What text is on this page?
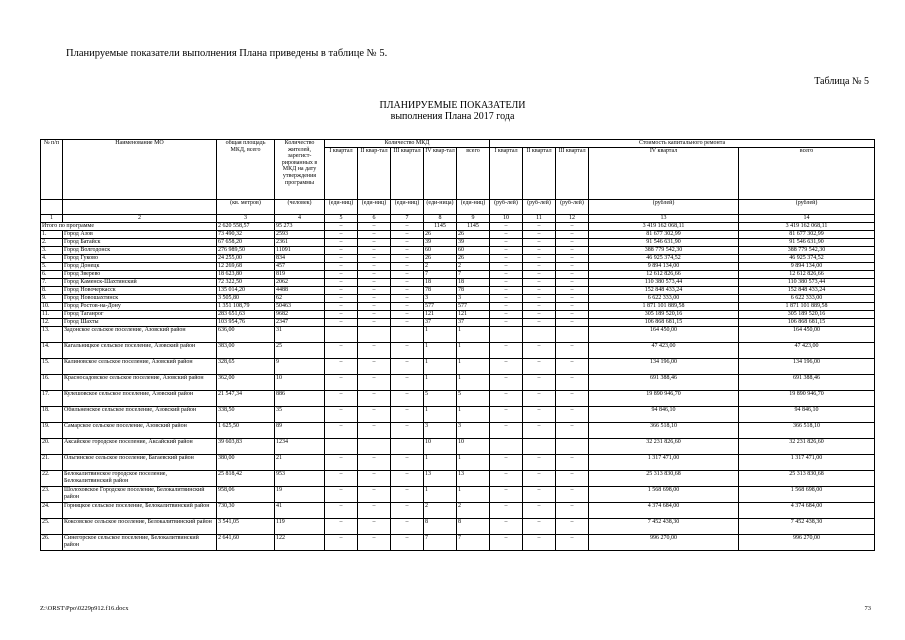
Планируемые показатели выполнения Плана приведены в таблице № 5.
Таблица № 5
ПЛАНИРУЕМЫЕ ПОКАЗАТЕЛИ
выполнения Плана 2017 года
№ п/п	Наименование МО	общая площадь МКД, всего	Количество жителей, зарегист-рированных в МКД на дату утверждения программы	Количество МКД					Стоимость капитального ремонта				
				I квартал	II квар-тал	III квартал	IV квар-тал	всего	I квартал	II квартал	III квартал	IV квартал	всего
		(кв. метров)	(человек)	(еди-ниц)	(еди-ниц)	(еди-ниц)	(еди-ница)	(еди-ниц)	(руб-лей)	(руб-лей)	(руб-лей)	(рублей)	(рублей)
1	2	3	4	5	6	7	8	9	10	11	12	13	14
Итого по программе		2 620 558,57	95 273	–	–	–	1145	1145	–	–	–	3 419 162 068,11	3 419 162 068,11
1.	Город Азов	73 490,32	2593	–	–	–	26	26	–	–	–	81 677 302,99	81 677 302,99
2.	Город Батайск	67 658,20	2361	–	–	–	39	39	–	–	–	91 546 631,90	91 546 631,90
3.	Город Волгодонск	276 989,50	11091	–	–	–	60	60	–	–	–	388 779 542,30	388 779 542,30
4.	Город Гуково	24 255,00	834	–	–	–	26	26	–	–	–	46 925 374,52	46 925 374,52
5.	Город Донецк	12 269,68	457	–	–	–	2	2	–	–	–	9 894 134,00	9 894 134,00
6.	Город Зверево	18 623,80	819	–	–	–	7	7	–	–	–	12 612 826,66	12 612 826,66
7.	Город Каменск-Шахтинский	72 322,50	2062	–	–	–	18	18	–	–	–	110 380 573,44	110 380 573,44
8.	Город Новочеркасск	135 014,20	4488	–	–	–	78	78	–	–	–	152 848 433,24	152 848 433,24
9.	Город Новошахтинск	3 505,80	62	–	–	–	3	3	–	–	–	6 622 333,00	6 622 333,00
10.	Город Ростов-на-Дону	1 351 108,79	50463	–	–	–	577	577	–	–	–	1 871 101 889,58	1 871 101 889,58
11.	Город Таганрог	283 651,63	9682	–	–	–	121	121	–	–	–	305 189 520,16	305 189 520,16
12.	Город Шахты	103 954,76	2347	–	–	–	37	37	–	–	–	106 868 681,15	106 868 681,15
13.	Задонское сельское поселение, Азовский район	636,00	31				1	1				164 450,00	164 450,00
14.	Кагальницкое сельское поселение, Азовский район	383,00	25	–	–	–	1	1	–	–	–	47 423,00	47 423,00
15.	Калиновское сельское поселение, Азовский район	328,65	9	–	–	–	1	1	–	–	–	134 196,00	134 196,00
16.	Красносадовское сельское поселение, Азовский район	362,00	10	–	–	–	1	1	–	–	–	691 388,46	691 388,46
17.	Кулешовское сельское поселение, Азовский район	21 547,34	886	–	–	–	5	5	–	–	–	19 890 946,70	19 890 946,70
18.	Обильненское сельское поселение, Азовский район	338,50	35	–	–	–	1	1	–	–	–	94 846,10	94 846,10
19.	Самарское сельское поселение, Азовский район	1 625,50	89	–	–	–	3	3	–	–	–	366 518,10	366 518,10
20.	Аксайское городское поселение, Аксайский район	39 603,83	1234				10	10				32 231 826,60	32 231 826,60
21.	Ольгинское сельское поселение, Багаевский район	380,00	21	–	–	–	1	1	–	–	–	1 317 471,00	1 317 471,00
22.	Белокалитвинское городское поселение, Белокалитвинский район	25 818,42	953	–	–	–	13	13	–	–	–	25 313 830,68	25 313 830,68
23.	Шолоховское Городское поселение, Белокалитвинский район	958,06	19	–	–	–	1	1	–	–	–	1 568 698,00	1 568 698,00
24.	Горняцкое сельское поселение, Белокалитвинский район	730,30	41	–	–	–	2	2	–	–	–	4 374 684,00	4 374 684,00
25.	Коксовское сельское поселение, Белокалитвинский район	3 541,05	119	–	–	–	8	8	–	–	–	7 452 438,30	7 452 438,30
26.	Синегорское сельское поселение, Белокалитвинский район	2 641,60	122	–	–	–	7	7	–	–	–	996 270,00	996 270,00
Z:\ORST\Ppo\0229p912.f16.docx	73
